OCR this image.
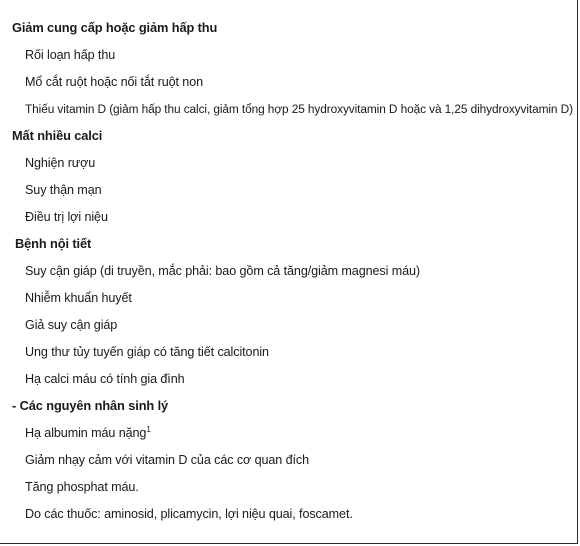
Giảm cung cấp hoặc giảm hấp thu
Rối loạn hấp thu
Mổ cắt ruột hoặc nối tắt ruột non
Thiếu vitamin D (giảm hấp thu calci, giảm tổng hợp 25 hydroxyvitamin D hoặc và 1,25 dihydroxyvitamin D)
Mất nhiều calci
Nghiện rượu
Suy thận mạn
Điều trị lợi niệu
Bệnh nội tiết
Suy cận giáp (di truyền, mắc phải: bao gồm cả tăng/giảm magnesi máu)
Nhiễm khuẩn huyết
Giả suy cận giáp
Ung thư tủy tuyến giáp có tăng tiết calcitonin
Hạ calci máu có tính gia đình
- Các nguyên nhân sinh lý
Hạ albumin máu nặng$^1$
Giảm nhạy cảm với vitamin D của các cơ quan đích
Tăng phosphat máu.
Do các thuốc: aminosid, plicamycin, lợi niệu quai, foscamet.
